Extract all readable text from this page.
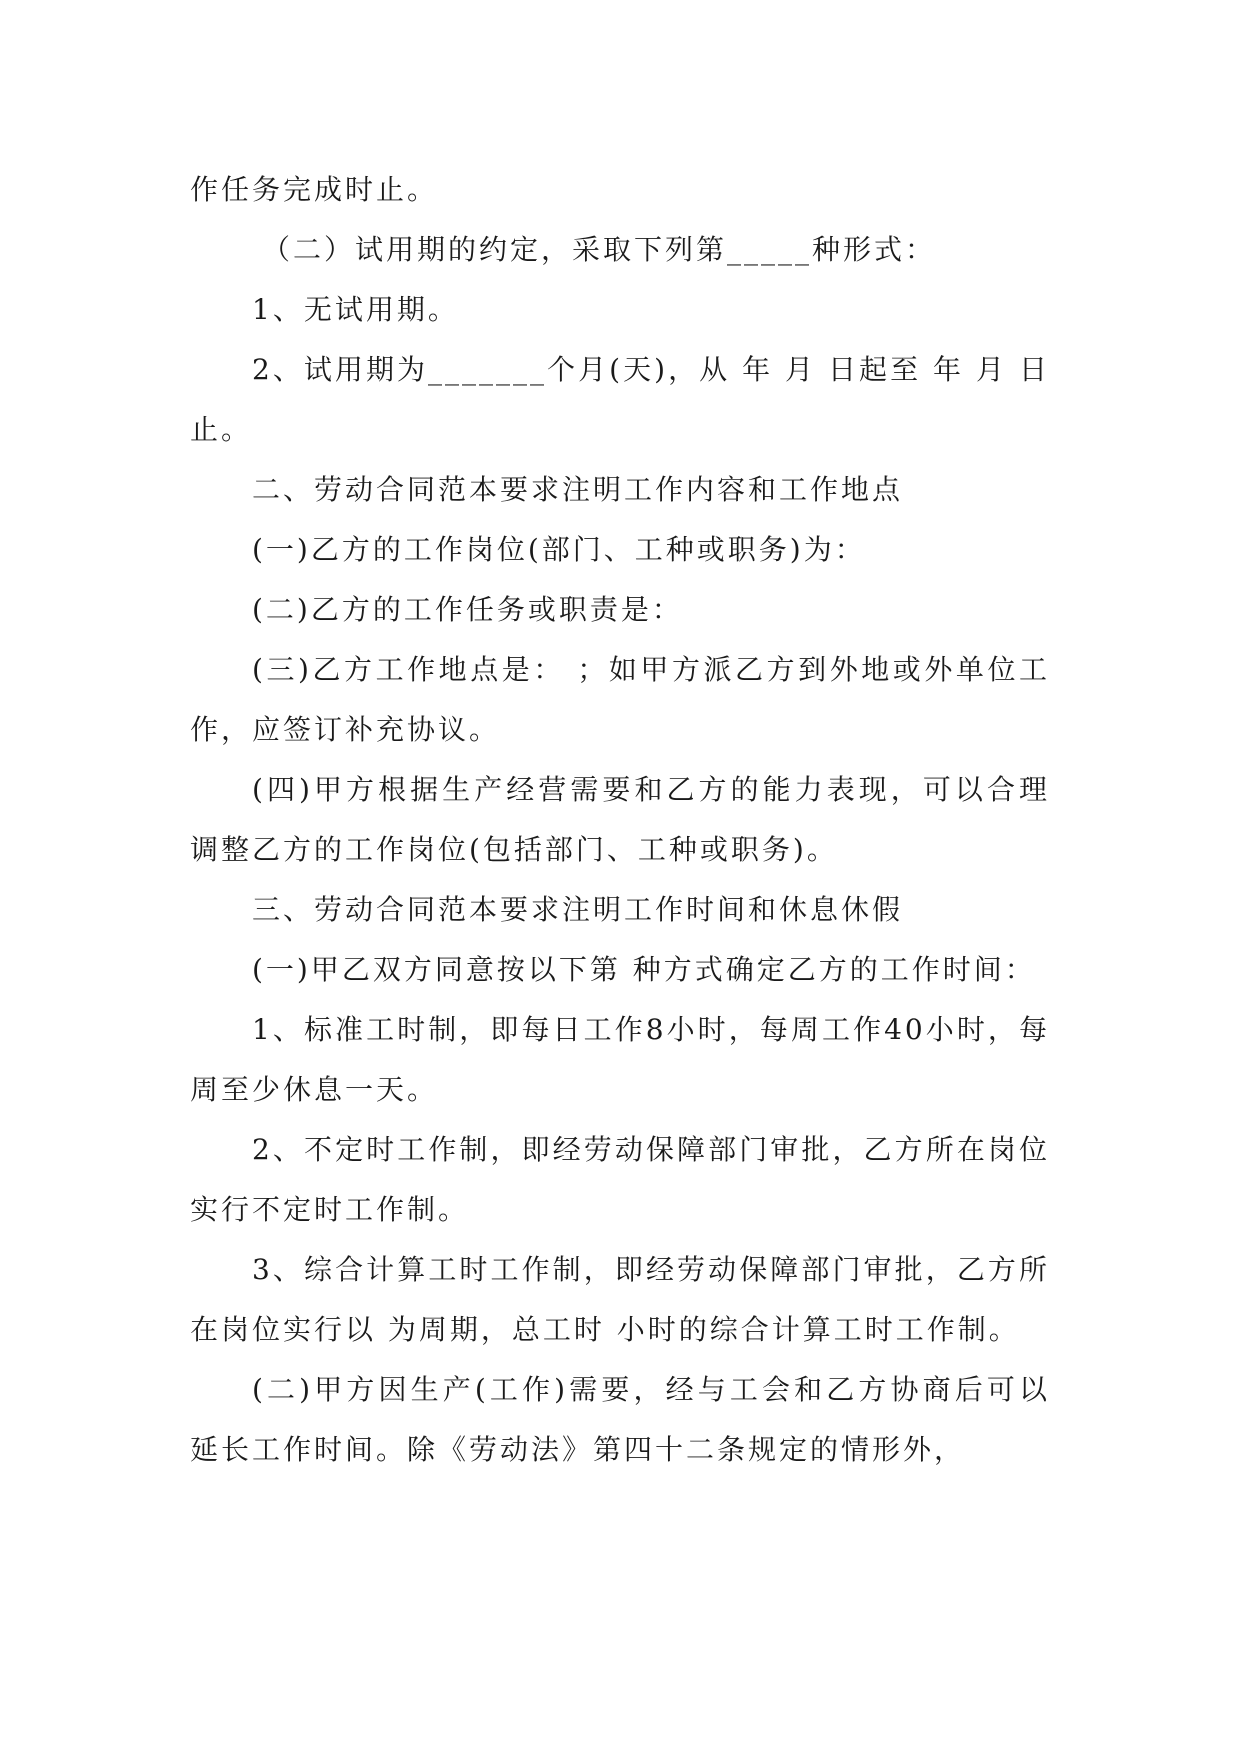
作任务完成时止。

（二）试用期的约定，采取下列第_____种形式：

1、无试用期。

2、试用期为_______个月(天)，从 年 月 日起至 年 月 日止。

二、劳动合同范本要求注明工作内容和工作地点

(一)乙方的工作岗位(部门、工种或职务)为：

(二)乙方的工作任务或职责是：

(三)乙方工作地点是： ；如甲方派乙方到外地或外单位工作，应签订补充协议。

(四)甲方根据生产经营需要和乙方的能力表现，可以合理调整乙方的工作岗位(包括部门、工种或职务)。

三、劳动合同范本要求注明工作时间和休息休假

(一)甲乙双方同意按以下第 种方式确定乙方的工作时间：

1、标准工时制，即每日工作8小时，每周工作40小时，每周至少休息一天。

2、不定时工作制，即经劳动保障部门审批，乙方所在岗位实行不定时工作制。

3、综合计算工时工作制，即经劳动保障部门审批，乙方所在岗位实行以 为周期，总工时 小时的综合计算工时工作制。

(二)甲方因生产(工作)需要，经与工会和乙方协商后可以延长工作时间。除《劳动法》第四十二条规定的情形外，
